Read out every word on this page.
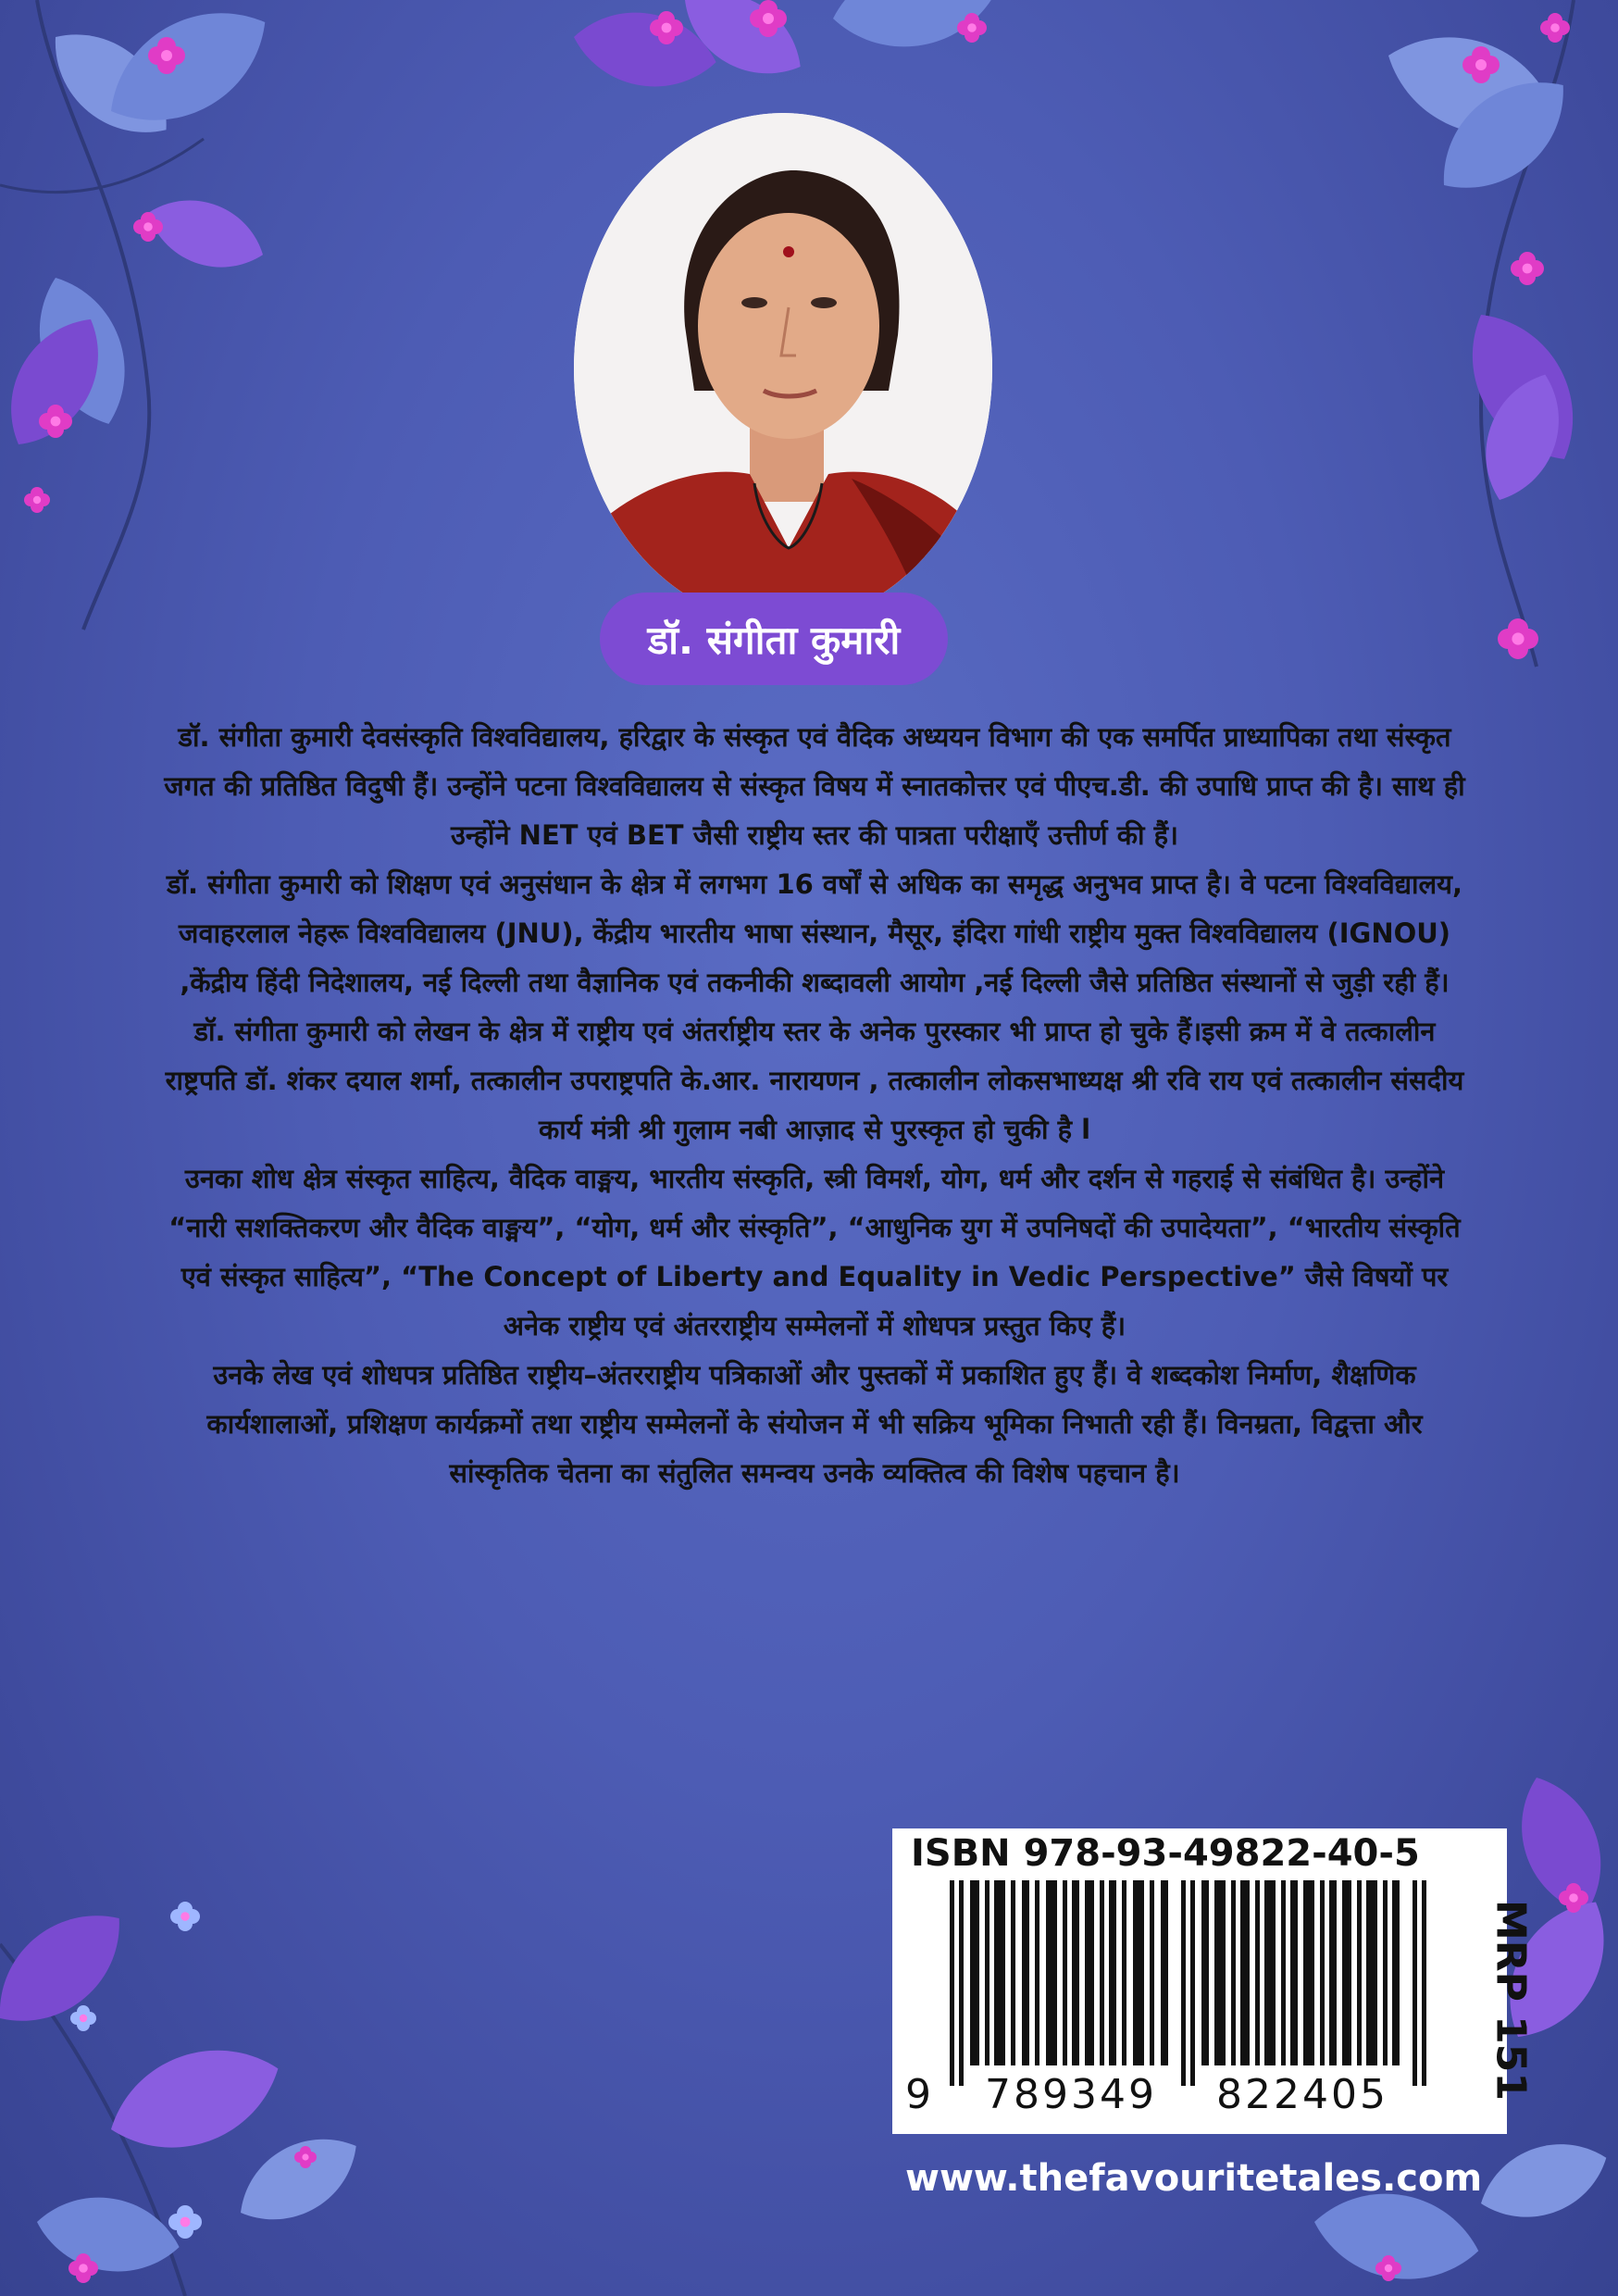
डॉ. संगीता कुमारी

डॉ. संगीता कुमारी देवसंस्कृति विश्वविद्यालय, हरिद्वार के संस्कृत एवं वैदिक अध्ययन विभाग की एक समर्पित प्राध्यापिका तथा संस्कृत जगत की प्रतिष्ठित विदुषी हैं। उन्होंने पटना विश्वविद्यालय से संस्कृत विषय में स्नातकोत्तर एवं पीएच.डी. की उपाधि प्राप्त की है। साथ ही उन्होंने NET एवं BET जैसी राष्ट्रीय स्तर की पात्रता परीक्षाएँ उत्तीर्ण की हैं।

डॉ. संगीता कुमारी को शिक्षण एवं अनुसंधान के क्षेत्र में लगभग 16 वर्षों से अधिक का समृद्ध अनुभव प्राप्त है। वे पटना विश्वविद्यालय, जवाहरलाल नेहरू विश्वविद्यालय (JNU), केंद्रीय भारतीय भाषा संस्थान, मैसूर, इंदिरा गांधी राष्ट्रीय मुक्त विश्वविद्यालय (IGNOU) ,केंद्रीय हिंदी निदेशालय, नई दिल्ली तथा वैज्ञानिक एवं तकनीकी शब्दावली आयोग ,नई दिल्ली जैसे प्रतिष्ठित संस्थानों से जुड़ी रही हैं।

डॉ. संगीता कुमारी को लेखन के क्षेत्र में राष्ट्रीय एवं अंतर्राष्ट्रीय स्तर के अनेक पुरस्कार भी प्राप्त हो चुके हैं।इसी क्रम में वे तत्कालीन राष्ट्रपति डॉ. शंकर दयाल शर्मा, तत्कालीन उपराष्ट्रपति के.आर. नारायणन , तत्कालीन लोकसभाध्यक्ष श्री रवि राय एवं तत्कालीन संसदीय कार्य मंत्री श्री गुलाम नबी आज़ाद से पुरस्कृत हो चुकी है l

उनका शोध क्षेत्र संस्कृत साहित्य, वैदिक वाङ्मय, भारतीय संस्कृति, स्त्री विमर्श, योग, धर्म और दर्शन से गहराई से संबंधित है। उन्होंने “नारी सशक्तिकरण और वैदिक वाङ्मय”, “योग, धर्म और संस्कृति”, “आधुनिक युग में उपनिषदों की उपादेयता”, “भारतीय संस्कृति एवं संस्कृत साहित्य”, “The Concept of Liberty and Equality in Vedic Perspective” जैसे विषयों पर अनेक राष्ट्रीय एवं अंतरराष्ट्रीय सम्मेलनों में शोधपत्र प्रस्तुत किए हैं।

उनके लेख एवं शोधपत्र प्रतिष्ठित राष्ट्रीय–अंतरराष्ट्रीय पत्रिकाओं और पुस्तकों में प्रकाशित हुए हैं। वे शब्दकोश निर्माण, शैक्षणिक कार्यशालाओं, प्रशिक्षण कार्यक्रमों तथा राष्ट्रीय सम्मेलनों के संयोजन में भी सक्रिय भूमिका निभाती रही हैं। विनम्रता, विद्वत्ता और सांस्कृतिक चेतना का संतुलित समन्वय उनके व्यक्तित्व की विशेष पहचान है।

ISBN 978-93-49822-40-5
9 789349 822405 MRP 151
www.thefavouritetales.com
